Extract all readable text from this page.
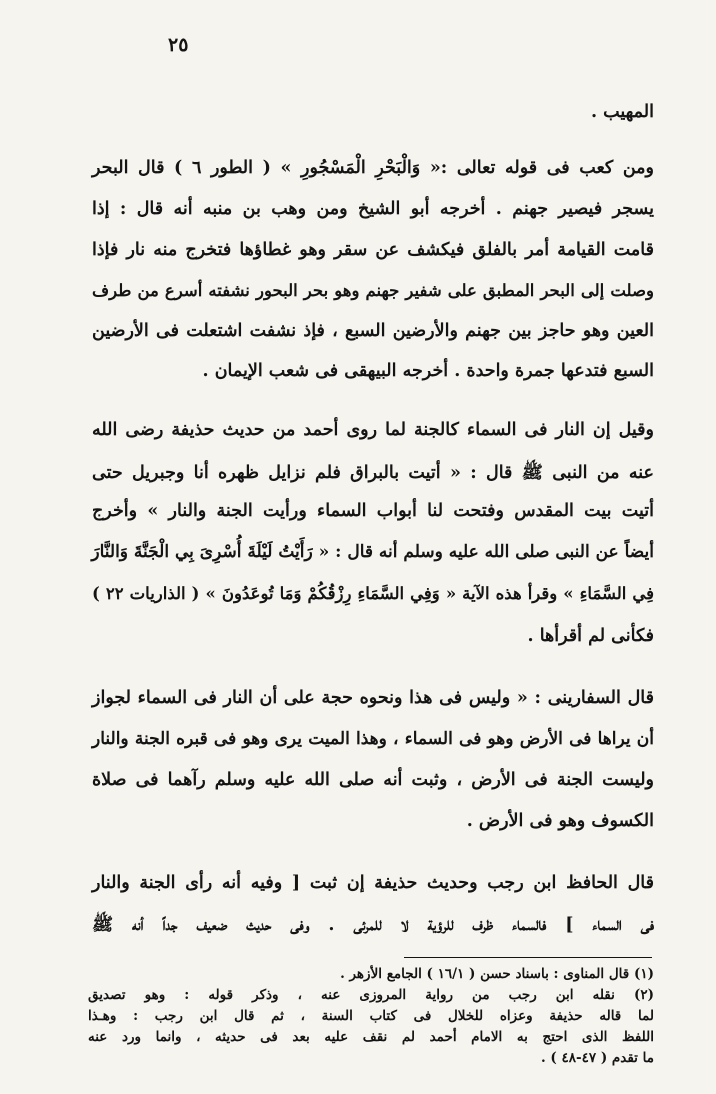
٢٥
المهيب .
ومن كعب فى قوله تعالى :« وَالْبَحْرِ الْمَسْجُورِ » ( الطور ٦ ) قال البحر
يسجر فيصير جهنم . أخرجه أبو الشيخ ومن وهب بن منبه أنه قال : إذا
قامت القيامة أمر بالفلق فيكشف عن سقر وهو غطاؤها فتخرج منه نار فإذا
وصلت إلى البحر المطبق على شفير جهنم وهو بحر البحور نشفته أسرع من طرف
العين وهو حاجز بين جهنم والأرضين السبع ، فإذ نشفت اشتعلت فى الأرضين
السبع فتدعها جمرة واحدة . أخرجه البيهقى فى شعب الإيمان .
وقيل إن النار فى السماء كالجنة لما روى أحمد من حديث حذيفة رضى الله
عنه من النبى ﷺ قال : « أتيت بالبراق فلم نزايل ظهره أنا وجبريل حتى
أتيت بيت المقدس وفتحت لنا أبواب السماء ورأيت الجنة والنار » وأخرج
أيضاً عن النبى صلى الله عليه وسلم أنه قال : « رَأَيْتُ لَيْلَةَ أُسْرِىَ بِي الْجَنَّةَ وَالنَّارَ
فِي السَّمَاءِ » وقرأ هذه الآية « وَفِي السَّمَاءِ رِزْقُكُمْ وَمَا تُوعَدُونَ » ( الذاريات ٢٢ )
فكأنى لم أقرأها .
قال السفارينى : « وليس فى هذا ونحوه حجة على أن النار فى السماء لجواز
أن يراها فى الأرض وهو فى السماء ، وهذا الميت يرى وهو فى قبره الجنة والنار
وليست الجنة فى الأرض ، وثبت أنه صلى الله عليه وسلم رآهما فى صلاة
الكسوف وهو فى الأرض .
قال الحافظ ابن رجب وحديث حذيفة إن ثبت [ وفيه أنه رأى الجنة والنار
فى السماء ] فالسماء ظرف للرؤية لا للمرئى . وفى حديث ضعيف جداً أنه ﷺ
(١) قال المناوى : باسناد حسن ( ١٦/١ ) الجامع الأزهر .
(٢) نقله ابن رجب من رواية المروزى عنه ، وذكر قوله : وهو تصديق
لما قاله حذيفة وعزاه للخلال فى كتاب السنة ، ثم قال ابن رجب : وهـذا
اللفظ الذى احتج به الامام أحمد لم نقف عليه بعد فى حديثه ، وانما ورد عنه
ما تقدم ( ٤٧-٤٨ ) .
